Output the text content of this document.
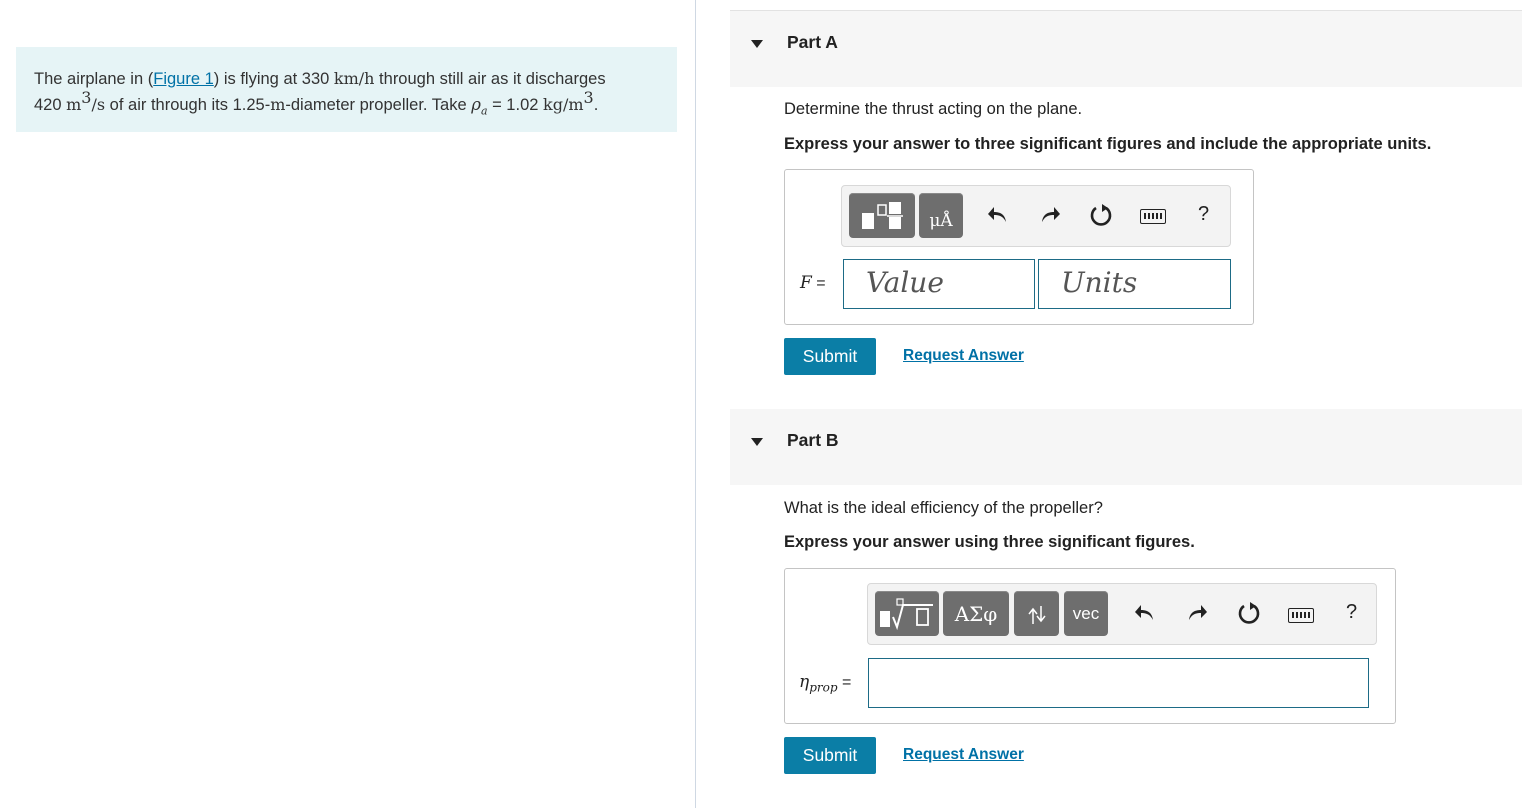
The airplane in (Figure 1) is flying at 330 km/h through still air as it discharges
420 $m^3/s$ of air through its 1.25-m-diameter propeller. Take $\rho_a = 1.02$ $kg/m^3$.
Part A
Determine the thrust acting on the plane.
Express your answer to three significant figures and include the appropriate units.
μÅ	?
F =	Value	Units
Submit	Request Answer
Part B
What is the ideal efficiency of the propeller?
Express your answer using three significant figures.
ΑΣφ	vec	?
$\eta_{prop}$ =
Submit	Request Answer
